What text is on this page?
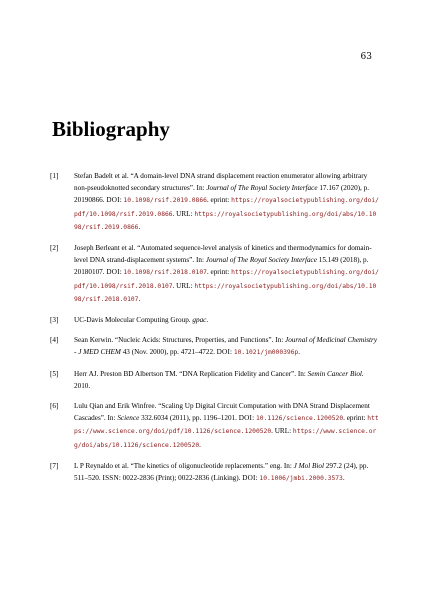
63
Bibliography
[1] Stefan Badelt et al. “A domain-level DNA strand displacement reaction enumerator allowing arbitrary non-pseudoknotted secondary structures”. In: Journal of The Royal Society Interface 17.167 (2020), p. 20190866. DOI: 10.1098/rsif.2019.0866. eprint: https://royalsocietypublishing.org/doi/pdf/10.1098/rsif.2019.0866. URL: https://royalsocietypublishing.org/doi/abs/10.1098/rsif.2019.0866.
[2] Joseph Berleant et al. “Automated sequence-level analysis of kinetics and thermodynamics for domain-level DNA strand-displacement systems”. In: Journal of The Royal Society Interface 15.149 (2018), p. 20180107. DOI: 10.1098/rsif.2018.0107. eprint: https://royalsocietypublishing.org/doi/pdf/10.1098/rsif.2018.0107. URL: https://royalsocietypublishing.org/doi/abs/10.1098/rsif.2018.0107.
[3] UC-Davis Molecular Computing Group. gpac.
[4] Sean Kerwin. “Nucleic Acids: Structures, Properties, and Functions”. In: Journal of Medicinal Chemistry - J MED CHEM 43 (Nov. 2000), pp. 4721–4722. DOI: 10.1021/jm000396p.
[5] Herr AJ. Preston BD Albertson TM. “DNA Replication Fidelity and Cancer”. In: Semin Cancer Biol. 2010.
[6] Lulu Qian and Erik Winfree. “Scaling Up Digital Circuit Computation with DNA Strand Displacement Cascades”. In: Science 332.6034 (2011), pp. 1196–1201. DOI: 10.1126/science.1200520. eprint: https://www.science.org/doi/pdf/10.1126/science.1200520. URL: https://www.science.org/doi/abs/10.1126/science.1200520.
[7] L P Reynaldo et al. “The kinetics of oligonucleotide replacements.” eng. In: J Mol Biol 297.2 (24), pp. 511–520. ISSN: 0022-2836 (Print); 0022-2836 (Linking). DOI: 10.1006/jmbi.2000.3573.
